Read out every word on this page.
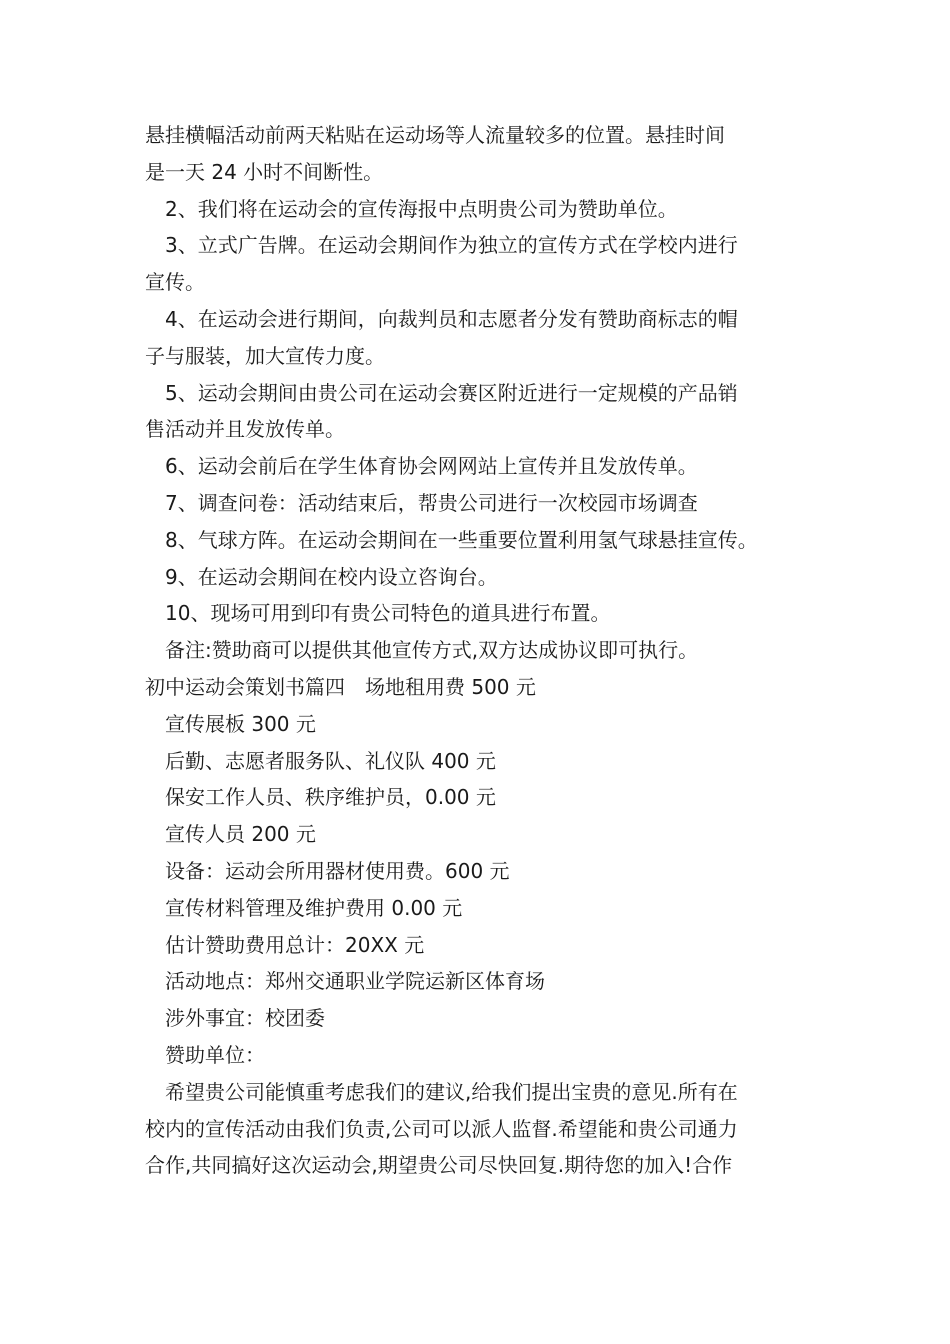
悬挂横幅活动前两天粘贴在运动场等人流量较多的位置。悬挂时间

是一天 24 小时不间断性。

2、我们将在运动会的宣传海报中点明贵公司为赞助单位。

3、立式广告牌。在运动会期间作为独立的宣传方式在学校内进行

宣传。

4、在运动会进行期间，向裁判员和志愿者分发有赞助商标志的帽

子与服装，加大宣传力度。

5、运动会期间由贵公司在运动会赛区附近进行一定规模的产品销

售活动并且发放传单。

6、运动会前后在学生体育协会网网站上宣传并且发放传单。

7、调查问卷：活动结束后，帮贵公司进行一次校园市场调查

8、气球方阵。在运动会期间在一些重要位置利用氢气球悬挂宣传。

9、在运动会期间在校内设立咨询台。

10、现场可用到印有贵公司特色的道具进行布置。

备注:赞助商可以提供其他宣传方式,双方达成协议即可执行。

初中运动会策划书篇四　场地租用费 500 元

宣传展板 300 元

后勤、志愿者服务队、礼仪队 400 元

保安工作人员、秩序维护员，0.00 元

宣传人员 200 元

设备：运动会所用器材使用费。600 元

宣传材料管理及维护费用 0.00 元

估计赞助费用总计：20XX 元

活动地点：郑州交通职业学院运新区体育场

涉外事宜：校团委

赞助单位：

希望贵公司能慎重考虑我们的建议,给我们提出宝贵的意见.所有在

校内的宣传活动由我们负责,公司可以派人监督.希望能和贵公司通力

合作,共同搞好这次运动会,期望贵公司尽快回复.期待您的加入!合作
